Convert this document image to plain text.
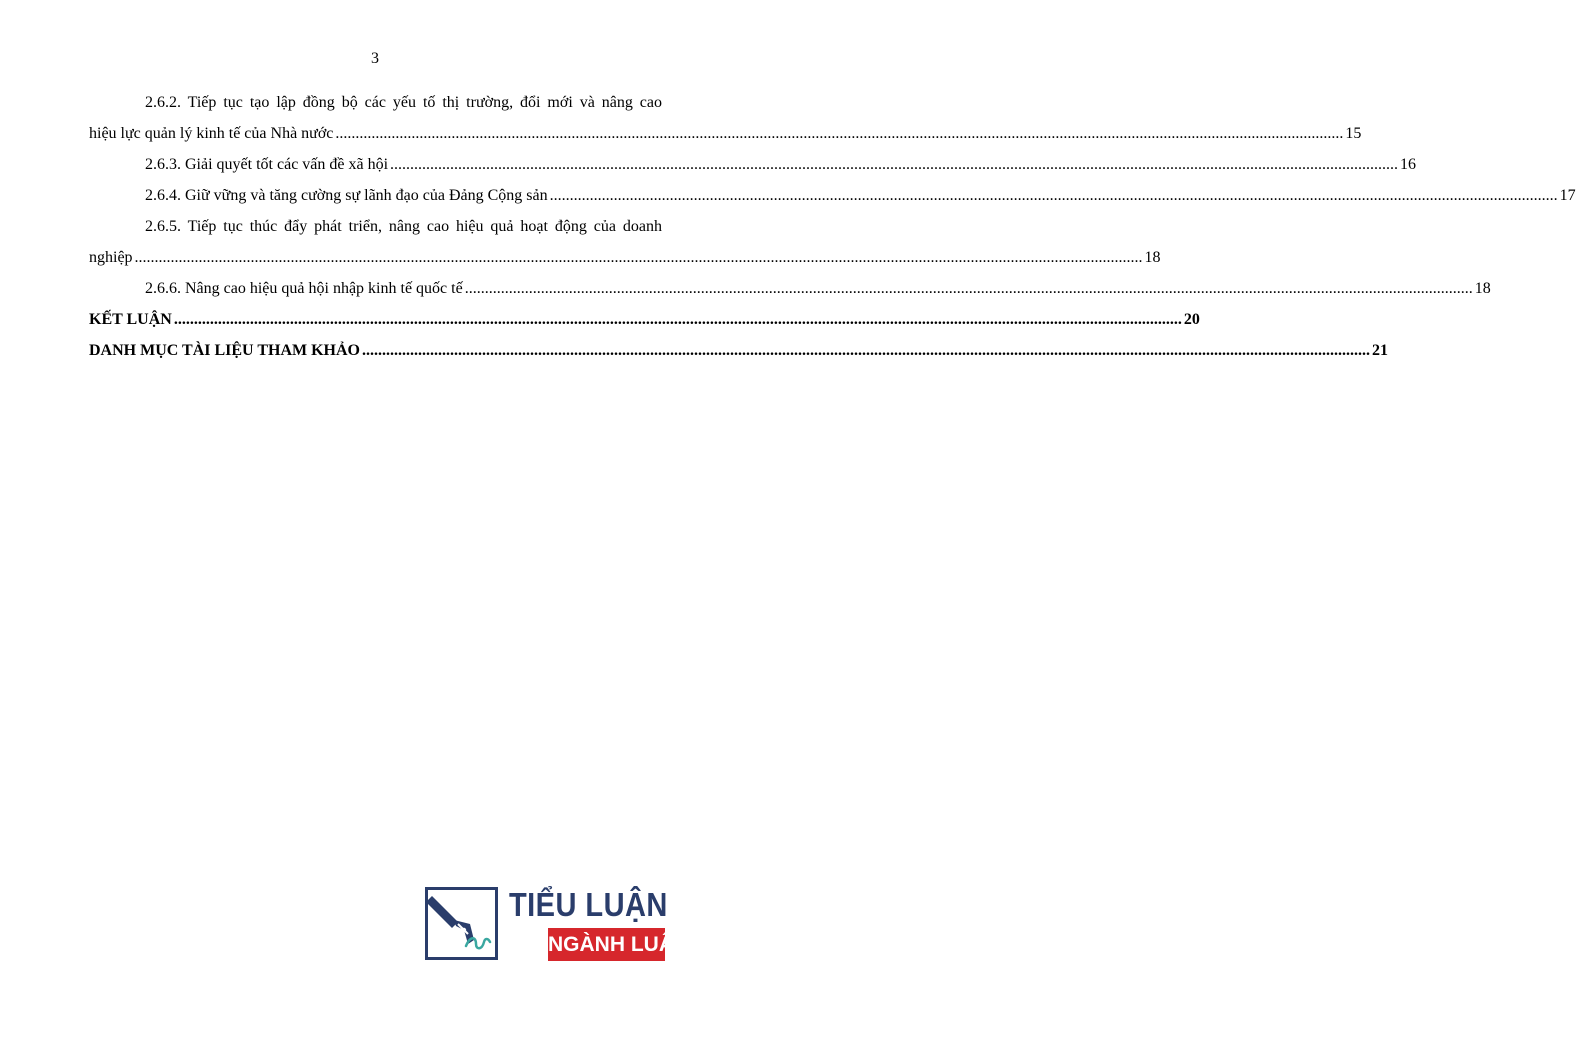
3
2.6.2. Tiếp tục tạo lập đồng bộ các yếu tố thị trường, đổi mới và nâng cao
hiệu lực quản lý kinh tế của Nhà nước .....	15
2.6.3. Giải quyết tốt các vấn đề xã hội .....	16
2.6.4. Giữ vững và tăng cường sự lãnh đạo của Đảng Cộng sản .....	17
2.6.5. Tiếp tục thúc đẩy phát triển, nâng cao hiệu quả hoạt động của doanh
nghiệp .....	18
2.6.6. Nâng cao hiệu quả hội nhập kinh tế quốc tế .....	18
KẾT LUẬN .....	20
DANH MỤC TÀI LIỆU THAM KHẢO .....	21
TIỂU LUẬN
NGÀNH LUẬT
